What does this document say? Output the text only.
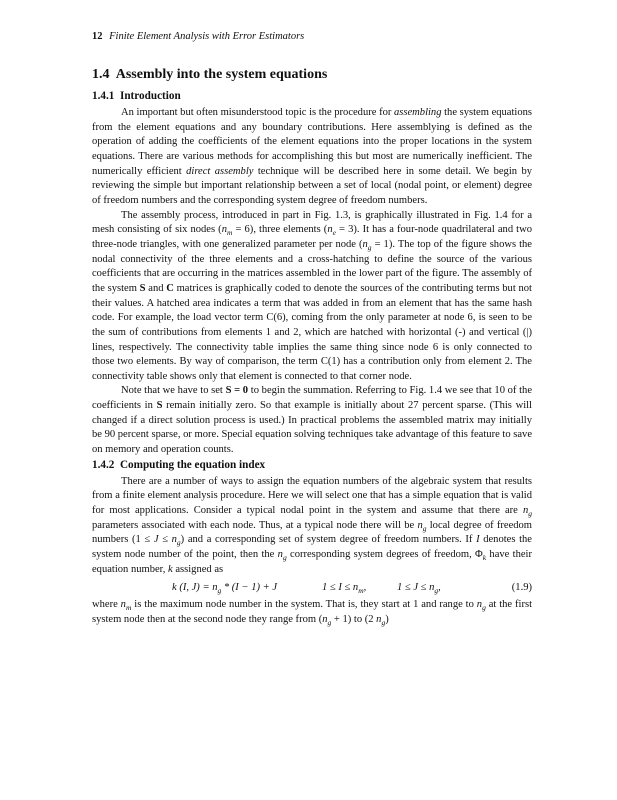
12 Finite Element Analysis with Error Estimators
1.4 Assembly into the system equations
1.4.1 Introduction

An important but often misunderstood topic is the procedure for assembling the system equations from the element equations and any boundary contributions. Here assemblying is defined as the operation of adding the coefficients of the element equations into the proper locations in the system equations. There are various methods for accomplishing this but most are numerically inefficient. The numerically efficient direct assembly technique will be described here in some detail. We begin by reviewing the simple but important relationship between a set of local (nodal point, or element) degree of freedom numbers and the corresponding system degree of freedom numbers.

The assembly process, introduced in part in Fig. 1.3, is graphically illustrated in Fig. 1.4 for a mesh consisting of six nodes $(n_m = 6)$, three elements $(n_e = 3)$. It has a four-node quadrilateral and two three-node triangles, with one generalized parameter per node $(n_g = 1)$. The top of the figure shows the nodal connectivity of the three elements and a cross-hatching to define the source of the various coefficients that are occurring in the matrices assembled in the lower part of the figure. The assembly of the system S and C matrices is graphically coded to denote the sources of the contributing terms but not their values. A hatched area indicates a term that was added in from an element that has the same hash code. For example, the load vector term C(6), coming from the only parameter at node 6, is seen to be the sum of contributions from elements 1 and 2, which are hatched with horizontal (-) and vertical (|) lines, respectively. The connectivity table implies the same thing since node 6 is only connected to those two elements. By way of comparison, the term C(1) has a contribution only from element 2. The connectivity table shows only that element is connected to that corner node.

Note that we have to set S = 0 to begin the summation. Referring to Fig. 1.4 we see that 10 of the coefficients in S remain initially zero. So that example is initially about 27 percent sparse. (This will changed if a direct solution process is used.) In practical problems the assembled matrix may initially be 90 percent sparse, or more. Special equation solving techniques take advantage of this feature to save on memory and operation counts.

1.4.2 Computing the equation index

There are a number of ways to assign the equation numbers of the algebraic system that results from a finite element analysis procedure. Here we will select one that has a simple equation that is valid for most applications. Consider a typical nodal point in the system and assume that there are $n_g$ parameters associated with each node. Thus, at a typical node there will be $n_g$ local degree of freedom numbers $(1 \le J \le n_g)$ and a corresponding set of system degree of freedom numbers. If I denotes the system node number of the point, then the $n_g$ corresponding system degrees of freedom, $\Phi_k$ have their equation number, k assigned as

k (I, $J) = n_g * (I - 1) + J$	$1 \le I \le n_m$,	$1 \le J \le n_g$,	(1.9)

where $n_m$ is the maximum node number in the system. That is, they start at 1 and range to $n_g$ at the first system node then at the second node they range from $(n_g + 1)$ to (2 $n_g$)
